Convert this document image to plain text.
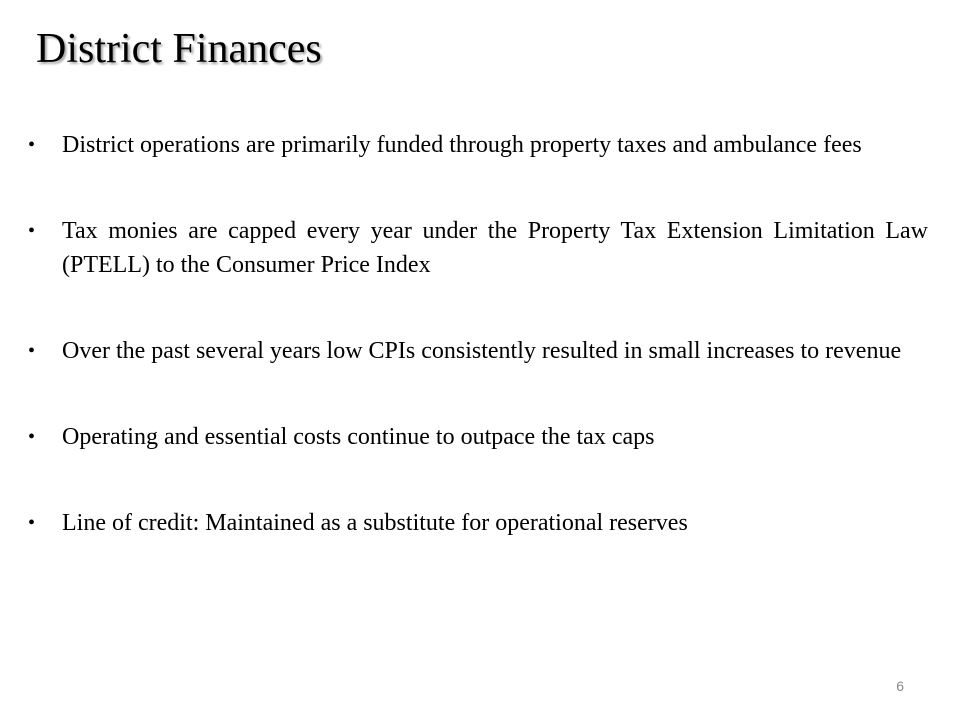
District Finances
•	District operations are primarily funded through property taxes and ambulance fees
•	Tax monies are capped every year under the Property Tax Extension Limitation Law (PTELL) to the Consumer Price Index
•	Over the past several years low CPIs consistently resulted in small increases to revenue
•	Operating and essential costs continue to outpace the tax caps
•	Line of credit: Maintained as a substitute for operational reserves
6
